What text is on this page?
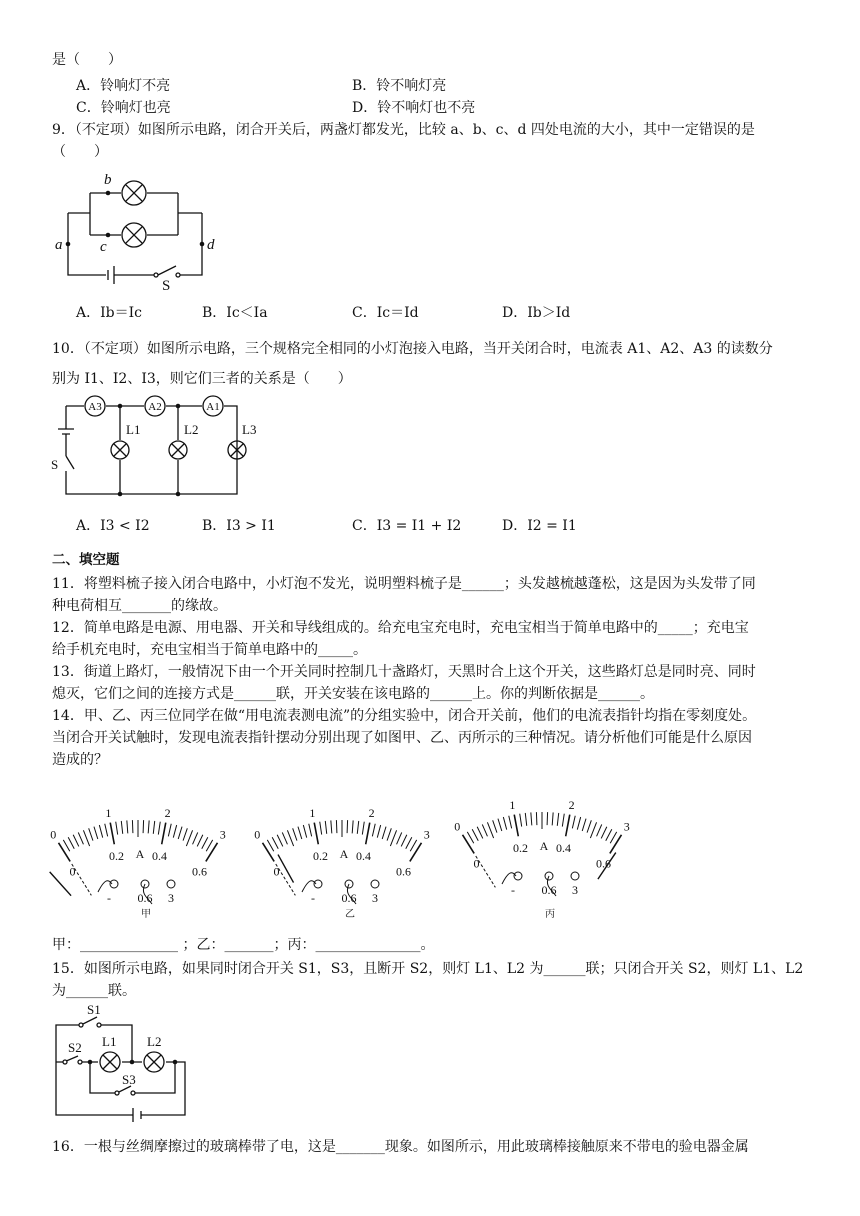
是（　　）
A．铃响灯不亮	B．铃不响灯亮
C．铃响灯也亮	D．铃不响灯也不亮
9．（不定项）如图所示电路，闭合开关后，两盏灯都发光，比较 a、b、c、d 四处电流的大小，其中一定错误的是
（　　）
a
b
c	d
S
A．Ib＝Ic	B．Ic＜Ia	C．Ic＝Id	D．Ib＞Id
10．（不定项）如图所示电路，三个规格完全相同的小灯泡接入电路，当开关闭合时，电流表 A1、A2、A3 的读数分
别为 I1、I2、I3，则它们三者的关系是（　　）
A3	A2	A1
L1	L2	L3
S
A．I3 < I2	B．I3 > I1	C．I3 = I1 + I2	D．I2 = I1
二、填空题
11．将塑料梳子接入闭合电路中，小灯泡不发光，说明塑料梳子是______；头发越梳越蓬松，这是因为头发带了同
种电荷相互_______的缘故。
12．简单电路是电源、用电器、开关和导线组成的。给充电宝充电时，充电宝相当于简单电路中的_____；充电宝
给手机充电时，充电宝相当于简单电路中的_____。
13．街道上路灯，一般情况下由一个开关同时控制几十盏路灯，天黑时合上这个开关，这些路灯总是同时亮、同时
熄灭，它们之间的连接方式是______联，开关安装在该电路的______上。你的判断依据是______。
14．甲、乙、丙三位同学在做“用电流表测电流”的分组实验中，闭合开关前，他们的电流表指针均指在零刻度处。
当闭合开关试触时，发现电流表指针摆动分别出现了如图甲、乙、丙所示的三种情况。请分析他们可能是什么原因
造成的？
0
1	2
3
0.2 0.4
0.6
0
A
- 0.6 3
0
1	2
3
0.2 0.4
0.6
0
A
- 0.6 3
0
1	2
3
0.2 0.4
0.6
0
A
- 0.6 3
甲	乙	丙
甲：______________ ；乙：_______；丙：_______________。
15．如图所示电路，如果同时闭合开关 S1，S3，且断开 S2，则灯 L1、L2 为______联；只闭合开关 S2，则灯 L1、L2
为______联。
S1
S2
S3
L1 L2
16．一根与丝绸摩擦过的玻璃棒带了电，这是_______现象。如图所示，用此玻璃棒接触原来不带电的验电器金属
